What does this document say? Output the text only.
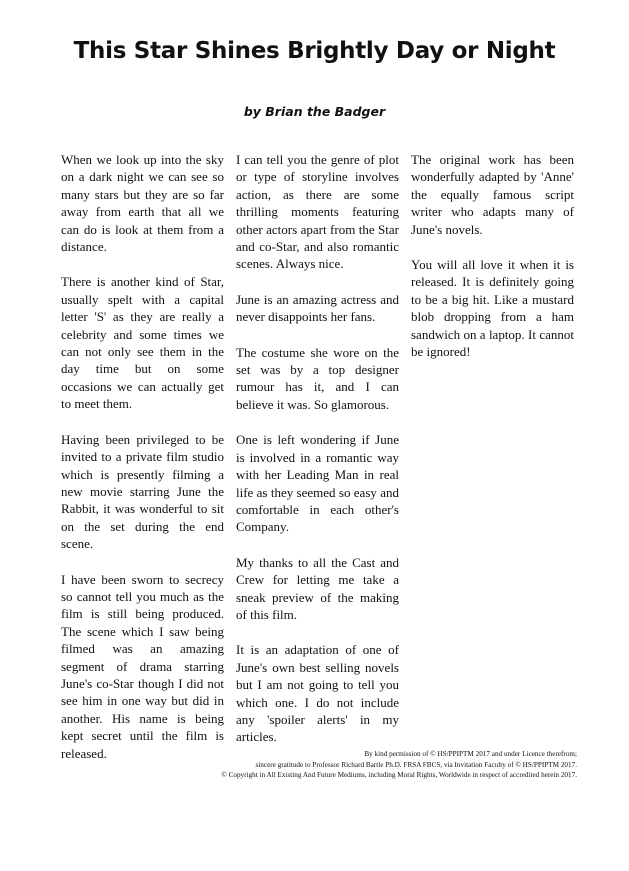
This Star Shines Brightly Day or Night
by Brian the Badger

When we look up into the sky on a dark night we can see so many stars but they are so far away from earth that all we can do is look at them from a distance.

There is another kind of Star, usually spelt with a capital letter 'S' as they are really a celebrity and some times we can not only see them in the day time but on some occasions we can actually get to meet them.

Having been privileged to be invited to a private film studio which is presently filming a new movie starring June the Rabbit, it was wonderful to sit on the set during the end scene.

I have been sworn to secrecy so cannot tell you much as the film is still being produced. The scene which I saw being filmed was an amazing segment of drama starring June's co-Star though I did not see him in one way but did in another. His name is being kept secret until the film is released.

I can tell you the genre of plot or type of storyline involves action, as there are some thrilling moments featuring other actors apart from the Star and co-Star, and also romantic scenes. Always nice.

June is an amazing actress and never disappoints her fans.

The costume she wore on the set was by a top designer rumour has it, and I can believe it was. So glamorous.

One is left wondering if June is involved in a romantic way with her Leading Man in real life as they seemed so easy and comfortable in each other's Company.

My thanks to all the Cast and Crew for letting me take a sneak preview of the making of this film.

It is an adaptation of one of June's own best selling novels but I am not going to tell you which one. I do not include any 'spoiler alerts' in my articles.

The original work has been wonderfully adapted by 'Anne' the equally famous script writer who adapts many of June's novels.

You will all love it when it is released. It is definitely going to be a big hit. Like a mustard blob dropping from a ham sandwich on a laptop. It cannot be ignored!

By kind permission of © HS/PPIPTM 2017 and under Licence therefrom;
sincere gratitude to Professor Richard Bartle Ph.D. FRSA FBCS, via Invitation Faculty of © HS/PPIPTM 2017.
© Copyright in All Existing And Future Mediums, including Moral Rights, Worldwide in respect of accredited herein 2017.
